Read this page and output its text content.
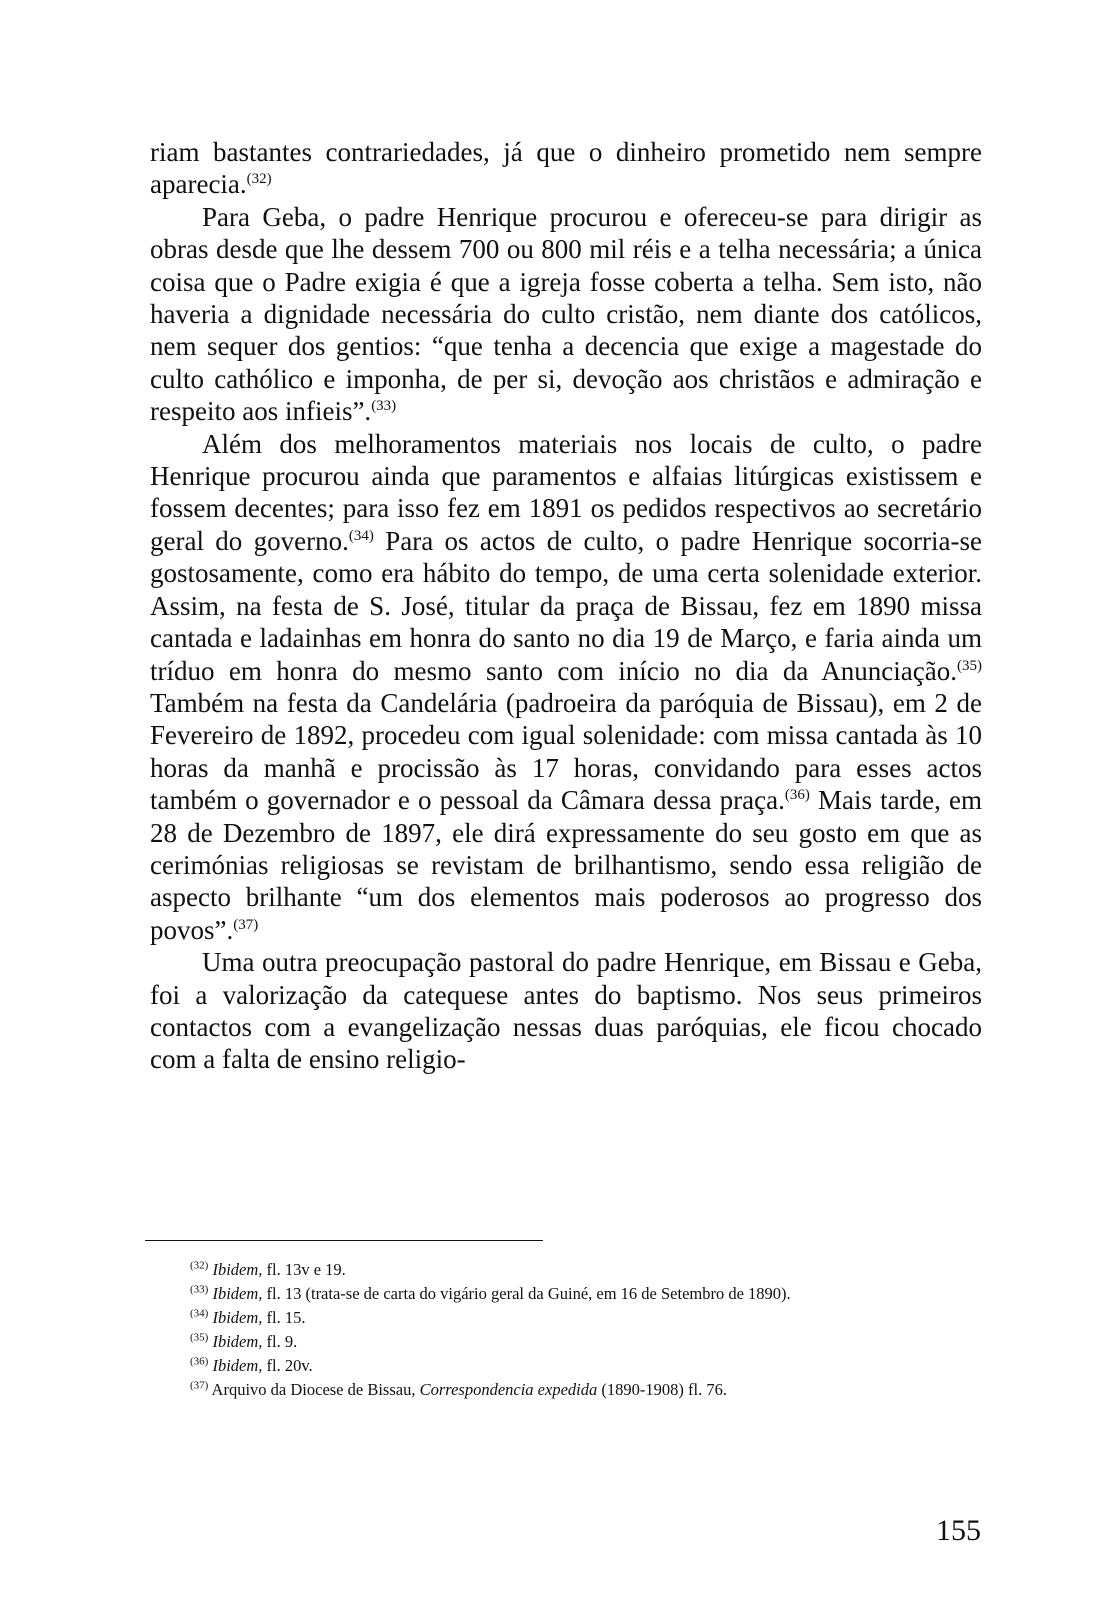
riam bastantes contrariedades, já que o dinheiro prometido nem sempre aparecia.$^{(32)}$

Para Geba, o padre Henrique procurou e ofereceu-se para dirigir as obras desde que lhe dessem 700 ou 800 mil réis e a telha necessária; a única coisa que o Padre exigia é que a igreja fosse coberta a telha. Sem isto, não haveria a dignidade necessária do culto cristão, nem diante dos católicos, nem sequer dos gentios: “que tenha a decencia que exige a magestade do culto cathólico e imponha, de per si, devoção aos christãos e admiração e respeito aos infieis”.$^{(33)}$

Além dos melhoramentos materiais nos locais de culto, o padre Henrique procurou ainda que paramentos e alfaias litúrgicas existissem e fossem decentes; para isso fez em 1891 os pedidos respectivos ao secretário geral do governo.$^{(34)}$ Para os actos de culto, o padre Henrique socorria-se gostosamente, como era hábito do tempo, de uma certa solenidade exterior. Assim, na festa de S. José, titular da praça de Bissau, fez em 1890 missa cantada e ladainhas em honra do santo no dia 19 de Março, e faria ainda um tríduo em honra do mesmo santo com início no dia da Anunciação.$^{(35)}$ Também na festa da Candelária (padroeira da paróquia de Bissau), em 2 de Fevereiro de 1892, procedeu com igual solenidade: com missa cantada às 10 horas da manhã e procissão às 17 horas, convidando para esses actos também o governador e o pessoal da Câmara dessa praça.$^{(36)}$ Mais tarde, em 28 de Dezembro de 1897, ele dirá expressamente do seu gosto em que as cerimónias religiosas se revistam de brilhantismo, sendo essa religião de aspecto brilhante “um dos elementos mais poderosos ao progresso dos povos”.$^{(37)}$

Uma outra preocupação pastoral do padre Henrique, em Bissau e Geba, foi a valorização da catequese antes do baptismo. Nos seus primeiros contactos com a evangelização nessas duas paróquias, ele ficou chocado com a falta de ensino religio-

$^{(32)}$ Ibidem, fl. 13v e 19.
$^{(33)}$ Ibidem, fl. 13 (trata-se de carta do vigário geral da Guiné, em 16 de Setembro de 1890).
$^{(34)}$ Ibidem, fl. 15.
$^{(35)}$ Ibidem, fl. 9.
$^{(36)}$ Ibidem, fl. 20v.
$^{(37)}$ Arquivo da Diocese de Bissau, Correspondencia expedida (1890-1908) fl. 76.
155
